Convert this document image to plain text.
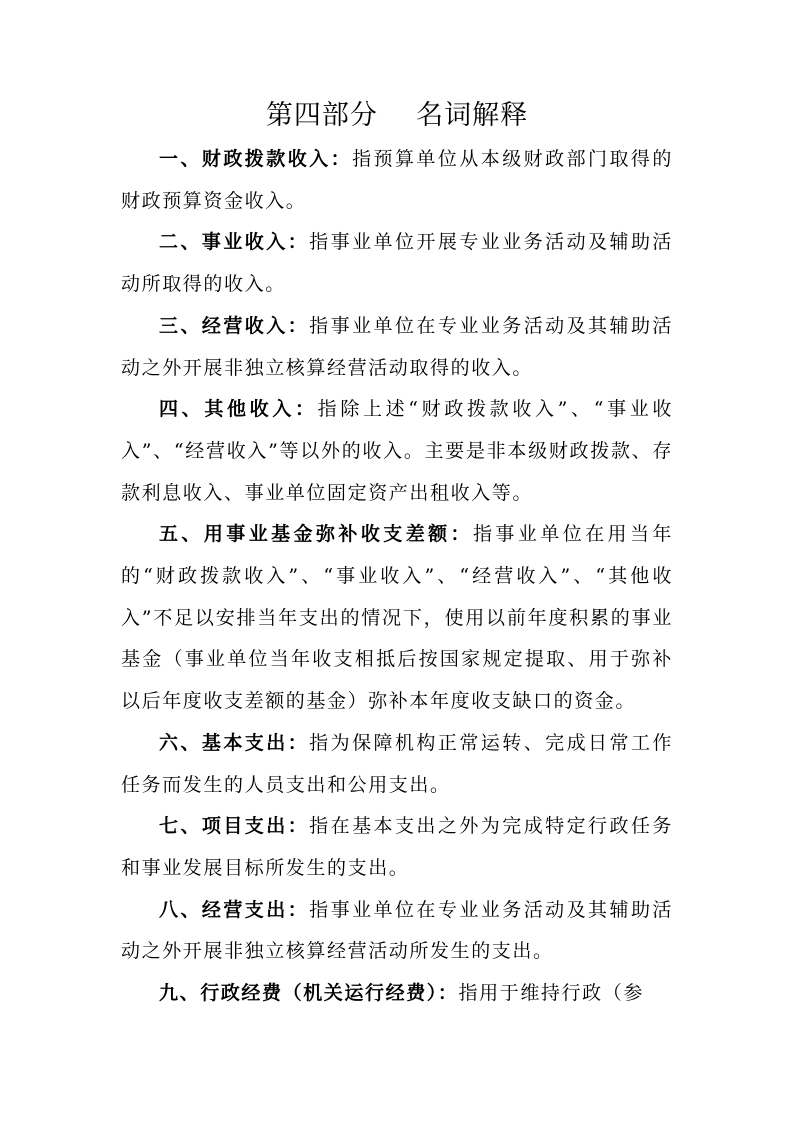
第四部分    名词解释

一、财政拨款收入：指预算单位从本级财政部门取得的财政预算资金收入。

二、事业收入：指事业单位开展专业业务活动及辅助活动所取得的收入。

三、经营收入：指事业单位在专业业务活动及其辅助活动之外开展非独立核算经营活动取得的收入。

四、其他收入：指除上述“财政拨款收入”、“事业收入”、“经营收入”等以外的收入。主要是非本级财政拨款、存款利息收入、事业单位固定资产出租收入等。

五、用事业基金弥补收支差额：指事业单位在用当年的“财政拨款收入”、“事业收入”、“经营收入”、“其他收入”不足以安排当年支出的情况下，使用以前年度积累的事业基金（事业单位当年收支相抵后按国家规定提取、用于弥补以后年度收支差额的基金）弥补本年度收支缺口的资金。

六、基本支出：指为保障机构正常运转、完成日常工作任务而发生的人员支出和公用支出。

七、项目支出：指在基本支出之外为完成特定行政任务和事业发展目标所发生的支出。

八、经营支出：指事业单位在专业业务活动及其辅助活动之外开展非独立核算经营活动所发生的支出。

九、行政经费（机关运行经费）：指用于维持行政（参
